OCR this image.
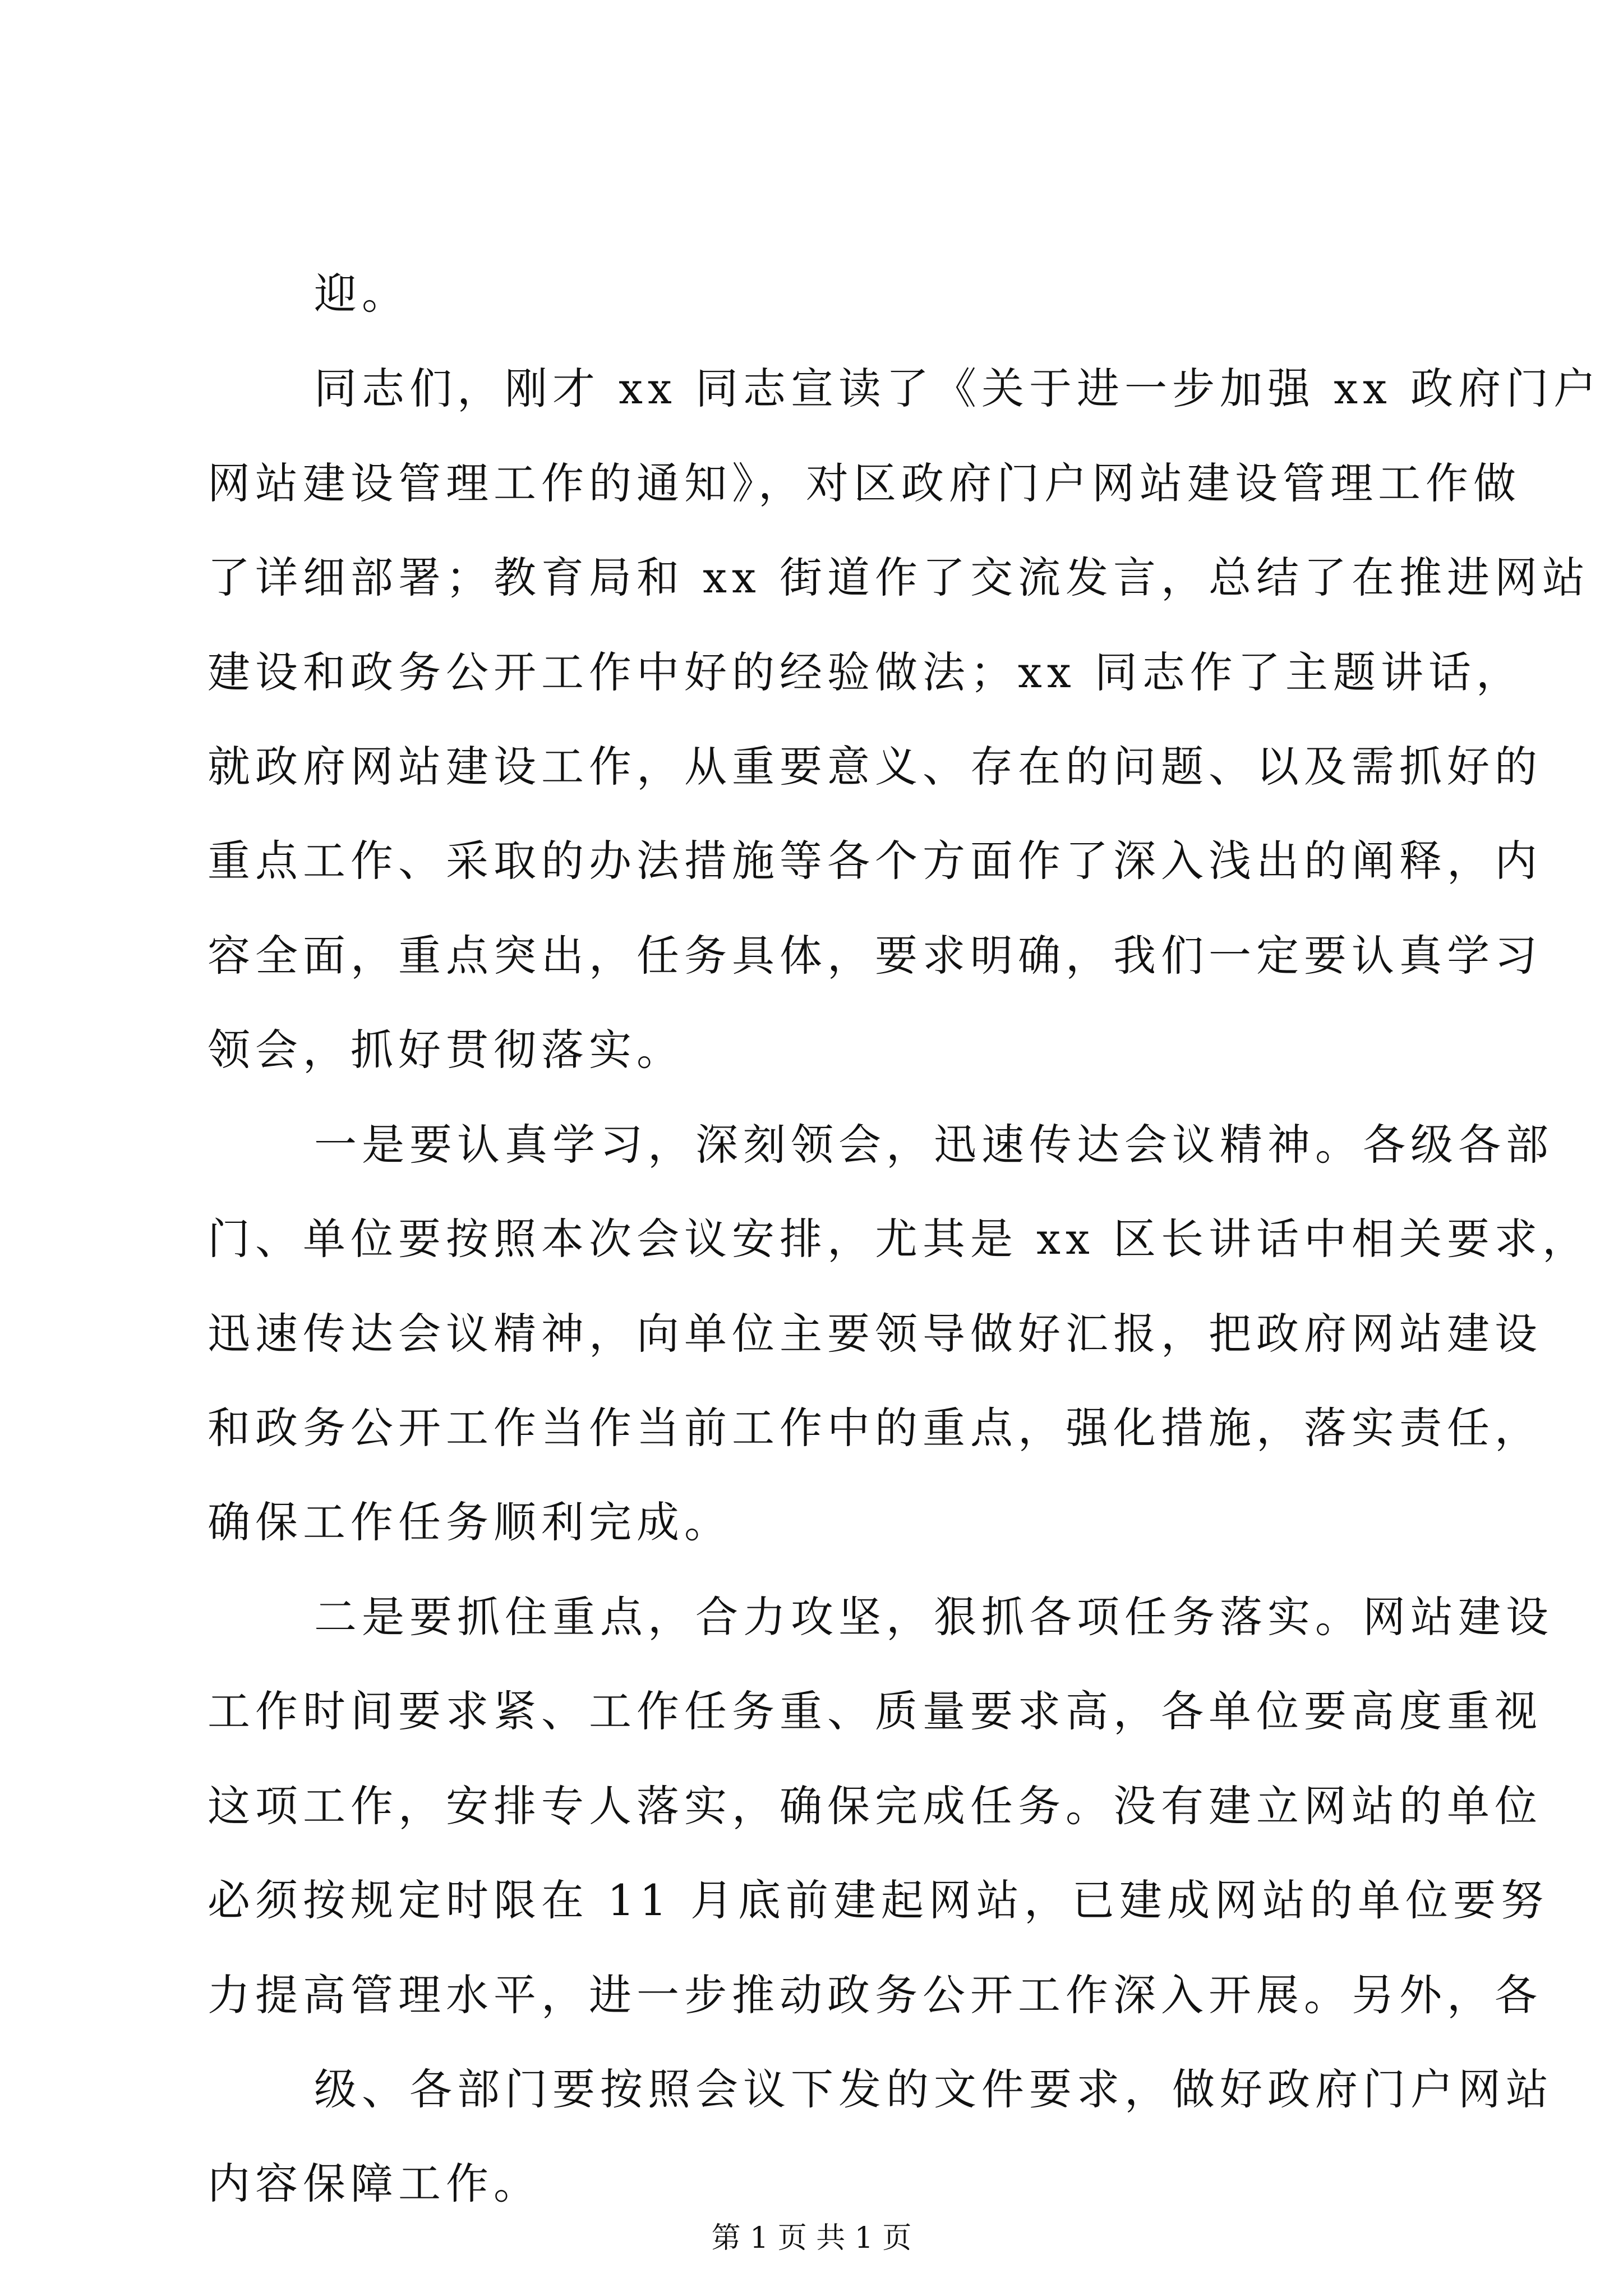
迎。

同志们，刚才 xx 同志宣读了《关于进一步加强 xx 政府门户

网站建设管理工作的通知》，对区政府门户网站建设管理工作做

了详细部署；教育局和 xx 街道作了交流发言，总结了在推进网站

建设和政务公开工作中好的经验做法；xx 同志作了主题讲话，

就政府网站建设工作，从重要意义、存在的问题、以及需抓好的

重点工作、采取的办法措施等各个方面作了深入浅出的阐释，内

容全面，重点突出，任务具体，要求明确，我们一定要认真学习

领会，抓好贯彻落实。

一是要认真学习，深刻领会，迅速传达会议精神。各级各部

门、单位要按照本次会议安排，尤其是 xx 区长讲话中相关要求，

迅速传达会议精神，向单位主要领导做好汇报，把政府网站建设

和政务公开工作当作当前工作中的重点，强化措施，落实责任，

确保工作任务顺利完成。

二是要抓住重点，合力攻坚，狠抓各项任务落实。网站建设

工作时间要求紧、工作任务重、质量要求高，各单位要高度重视

这项工作，安排专人落实，确保完成任务。没有建立网站的单位

必须按规定时限在 11 月底前建起网站，已建成网站的单位要努

力提高管理水平，进一步推动政务公开工作深入开展。另外，各

级、各部门要按照会议下发的文件要求，做好政府门户网站

内容保障工作。

第 1 页 共 1 页
